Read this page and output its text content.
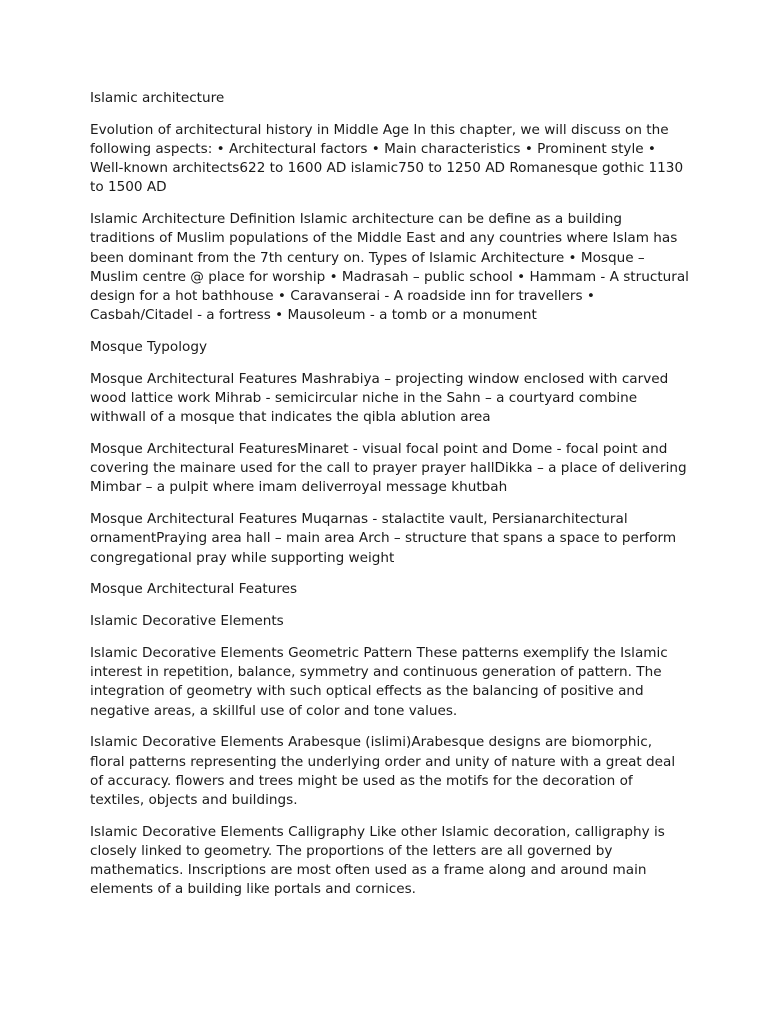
Islamic architecture

Evolution of architectural history in Middle Age In this chapter, we will discuss on the following aspects: • Architectural factors • Main characteristics • Prominent style • Well-known architects622 to 1600 AD islamic750 to 1250 AD Romanesque gothic 1130 to 1500 AD

Islamic Architecture Definition Islamic architecture can be define as a building traditions of Muslim populations of the Middle East and any countries where Islam has been dominant from the 7th century on. Types of Islamic Architecture • Mosque – Muslim centre @ place for worship • Madrasah – public school • Hammam - A structural design for a hot bathhouse • Caravanserai - A roadside inn for travellers • Casbah/Citadel - a fortress • Mausoleum - a tomb or a monument

Mosque Typology

Mosque Architectural Features Mashrabiya – projecting window enclosed with carved wood lattice work Mihrab - semicircular niche in the Sahn – a courtyard combine withwall of a mosque that indicates the qibla ablution area

Mosque Architectural FeaturesMinaret - visual focal point and Dome - focal point and covering the mainare used for the call to prayer prayer hallDikka – a place of delivering Mimbar – a pulpit where imam deliverroyal message khutbah

Mosque Architectural Features Muqarnas - stalactite vault, Persianarchitectural ornamentPraying area hall – main area Arch – structure that spans a space to perform congregational pray while supporting weight

Mosque Architectural Features

Islamic Decorative Elements

Islamic Decorative Elements Geometric Pattern These patterns exemplify the Islamic interest in repetition, balance, symmetry and continuous generation of pattern. The integration of geometry with such optical effects as the balancing of positive and negative areas, a skillful use of color and tone values.

Islamic Decorative Elements Arabesque (islimi)Arabesque designs are biomorphic, floral patterns representing the underlying order and unity of nature with a great deal of accuracy. flowers and trees might be used as the motifs for the decoration of textiles, objects and buildings.

Islamic Decorative Elements Calligraphy Like other Islamic decoration, calligraphy is closely linked to geometry. The proportions of the letters are all governed by mathematics. Inscriptions are most often used as a frame along and around main elements of a building like portals and cornices.
